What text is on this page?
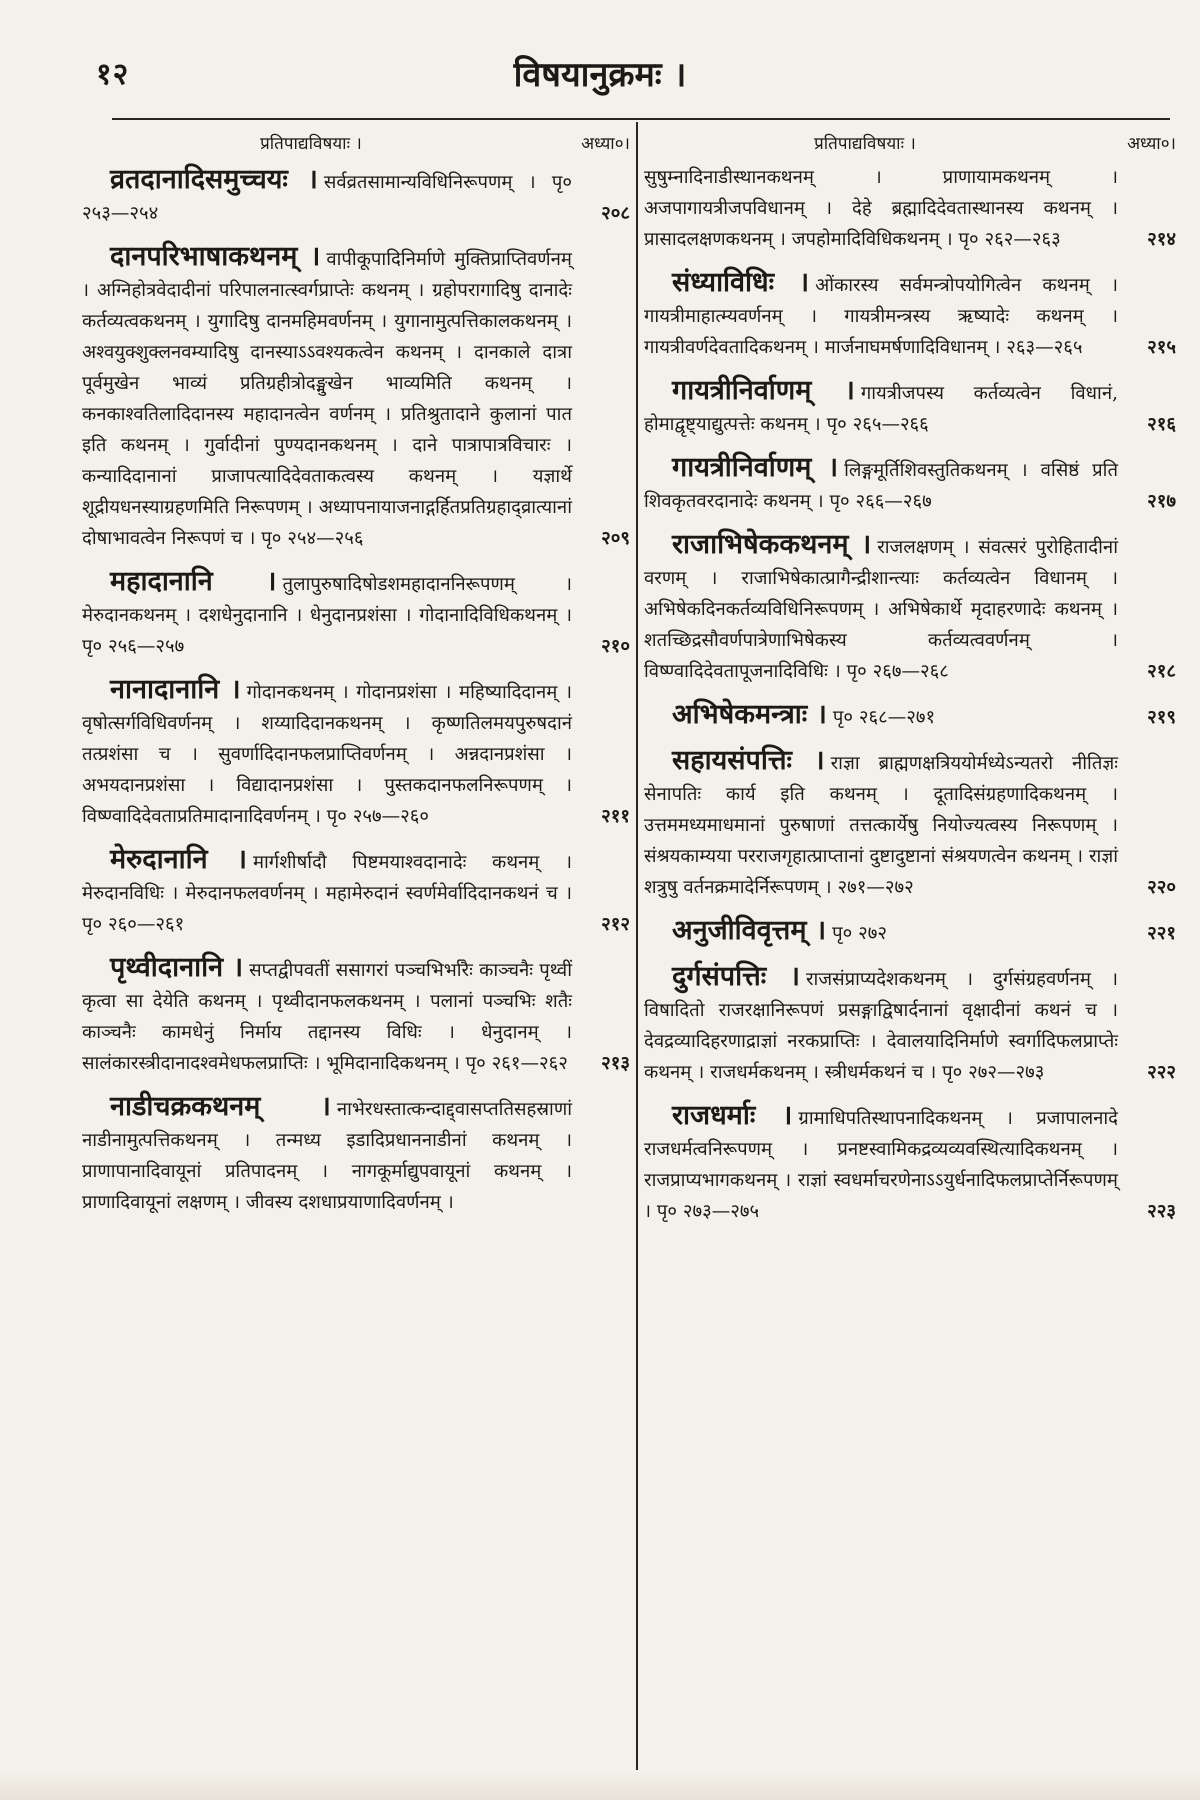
१२	विषयानुक्रमः ।
प्रतिपाद्यविषयाः ।	अध्या०।
व्रतदानादिसमुच्चयः । सर्वव्रतसामान्यविधिनिरूपणम् । पृ० २५३—२५४	२०८
दानपरिभाषाकथनम् । वापीकूपादिनिर्माणे मुक्तिप्राप्तिवर्णनम् । अग्निहोत्रवेदादीनां परिपालनात्स्वर्गप्राप्तेः कथनम् । ग्रहोपरागादिषु दानादेः कर्तव्यत्वकथनम् । युगादिषु दानमहिमवर्णनम् । युगानामुत्पत्तिकालकथनम् । अश्वयुक्शुक्लनवम्यादिषु दानस्याऽऽवश्यकत्वेन कथनम् । दानकाले दात्रा पूर्वमुखेन भाव्यं प्रतिग्रहीत्रोदङ्मुखेन भाव्यमिति कथनम् । कनकाश्वतिलादिदानस्य महादानत्वेन वर्णनम् । प्रतिश्रुतादाने कुलानां पात इति कथनम् । गुर्वादीनां पुण्यदानकथनम् । दाने पात्रापात्रविचारः । कन्यादिदानानां प्राजापत्यादिदेवताकत्वस्य कथनम् । यज्ञार्थे शूद्रीयधनस्याग्रहणमिति निरूपणम् । अध्यापनायाजनाद्गर्हितप्रतिग्रहाद्व्रात्यानां दोषाभावत्वेन निरूपणं च । पृ० २५४—२५६	२०९
महादानानि । तुलापुरुषादिषोडशमहादाननिरूपणम् । मेरुदानकथनम् । दशधेनुदानानि । धेनुदानप्रशंसा । गोदानादिविधिकथनम् । पृ० २५६—२५७	२१०
नानादानानि । गोदानकथनम् । गोदानप्रशंसा । महिष्यादिदानम् । वृषोत्सर्गविधिवर्णनम् । शय्यादिदानकथनम् । कृष्णतिलमयपुरुषदानं तत्प्रशंसा च । सुवर्णादिदानफलप्राप्तिवर्णनम् । अन्नदानप्रशंसा । अभयदानप्रशंसा । विद्यादानप्रशंसा । पुस्तकदानफलनिरूपणम् । विष्ण्वादिदेवताप्रतिमादानादिवर्णनम् । पृ० २५७—२६०	२११
मेरुदानानि । मार्गशीर्षादौ पिष्टमयाश्वदानादेः कथनम् । मेरुदानविधिः । मेरुदानफलवर्णनम् । महामेरुदानं स्वर्णमेर्वादिदानकथनं च । पृ० २६०—२६१	२१२
पृथ्वीदानानि । सप्तद्वीपवतीं ससागरां पञ्चभिर्भारैः काञ्चनैः पृथ्वीं कृत्वा सा देयेति कथनम् । पृथ्वीदानफलकथनम् । पलानां पञ्चभिः शतैः काञ्चनैः कामधेनुं निर्माय तद्दानस्य विधिः । धेनुदानम् । सालंकारस्त्रीदानादश्वमेधफलप्राप्तिः । भूमिदानादिकथनम् । पृ० २६१—२६२	२१३
नाडीचक्रकथनम् । नाभेरधस्तात्कन्दाद्द्वासप्ततिसहस्राणां नाडीनामुत्पत्तिकथनम् । तन्मध्य इडादिप्रधाननाडीनां कथनम् । प्राणापानादिवायूनां प्रतिपादनम् । नागकूर्माद्युपवायूनां कथनम् । प्राणादिवायूनां लक्षणम् । जीवस्य दशधाप्रयाणादिवर्णनम् ।
प्रतिपाद्यविषयाः ।	अध्या०।
सुषुम्नादिनाडीस्थानकथनम् । प्राणायामकथनम् । अजपागायत्रीजपविधानम् । देहे ब्रह्मादिदेवतास्थानस्य कथनम् । प्रासादलक्षणकथनम् । जपहोमादिविधिकथनम् । पृ० २६२—२६३	२१४
संध्याविधिः । ओंकारस्य सर्वमन्त्रोपयोगित्वेन कथनम् । गायत्रीमाहात्म्यवर्णनम् । गायत्रीमन्त्रस्य ऋष्यादेः कथनम् । गायत्रीवर्णदेवतादिकथनम् । मार्जनाघमर्षणादिविधानम् । २६३—२६५	२१५
गायत्रीनिर्वाणम् । गायत्रीजपस्य कर्तव्यत्वेन विधानं, होमाद्वृष्ट्याद्युत्पत्तेः कथनम् । पृ० २६५—२६६	२१६
गायत्रीनिर्वाणम् । लिङ्गमूर्तिशिवस्तुतिकथनम् । वसिष्ठं प्रति शिवकृतवरदानादेः कथनम् । पृ० २६६—२६७	२१७
राजाभिषेककथनम् । राजलक्षणम् । संवत्सरं पुरोहितादीनां वरणम् । राजाभिषेकात्प्रागैन्द्रीशान्त्याः कर्तव्यत्वेन विधानम् । अभिषेकदिनकर्तव्यविधिनिरूपणम् । अभिषेकार्थे मृदाहरणादेः कथनम् । शतच्छिद्रसौवर्णपात्रेणाभिषेकस्य कर्तव्यत्ववर्णनम् । विष्ण्वादिदेवतापूजनादिविधिः । पृ० २६७—२६८	२१८
अभिषेकमन्त्राः । पृ० २६८—२७१	२१९
सहायसंपत्तिः । राज्ञा ब्राह्मणक्षत्रिययोर्मध्येऽन्यतरो नीतिज्ञः सेनापतिः कार्य इति कथनम् । दूतादिसंग्रहणादिकथनम् । उत्तममध्यमाधमानां पुरुषाणां तत्तत्कार्येषु नियोज्यत्वस्य निरूपणम् । संश्रयकाम्यया परराजगृहात्प्राप्तानां दुष्टादुष्टानां संश्रयणत्वेन कथनम् । राज्ञां शत्रुषु वर्तनक्रमादेर्निरूपणम् । २७१—२७२	२२०
अनुजीविवृत्तम् । पृ० २७२	२२१
दुर्गसंपत्तिः । राजसंप्राप्यदेशकथनम् । दुर्गसंग्रहवर्णनम् । विषादितो राजरक्षानिरूपणं प्रसङ्गाद्विषार्दनानां वृक्षादीनां कथनं च । देवद्रव्यादिहरणाद्राज्ञां नरकप्राप्तिः । देवालयादिनिर्माणे स्वर्गादिफलप्राप्तेः कथनम् । राजधर्मकथनम् । स्त्रीधर्मकथनं च । पृ० २७२—२७३	२२२
राजधर्माः । ग्रामाधिपतिस्थापनादिकथनम् । प्रजापालनादे राजधर्मत्वनिरूपणम् । प्रनष्टस्वामिकद्रव्यव्यवस्थित्यादिकथनम् । राजप्राप्यभागकथनम् । राज्ञां स्वधर्माचरणेनाऽऽयुर्धनादिफलप्राप्तेर्निरूपणम् । पृ० २७३—२७५	२२३
